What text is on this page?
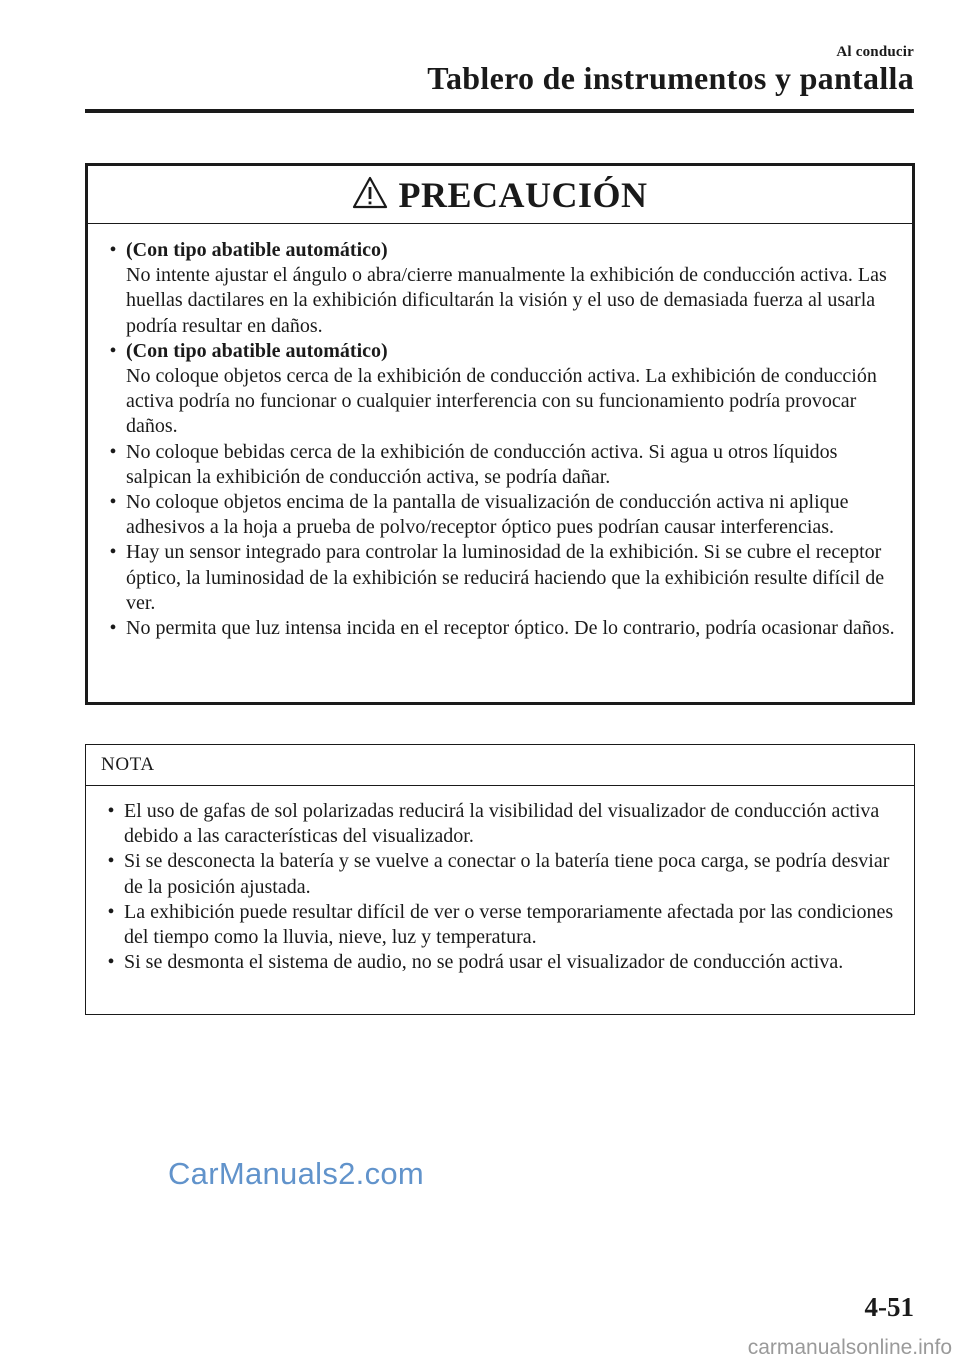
Al conducir
Tablero de instrumentos y pantalla
PRECAUCIÓN
• (Con tipo abatible automático)
No intente ajustar el ángulo o abra/cierre manualmente la exhibición de conducción activa. Las huellas dactilares en la exhibición dificultarán la visión y el uso de demasiada fuerza al usarla podría resultar en daños.
• (Con tipo abatible automático)
No coloque objetos cerca de la exhibición de conducción activa. La exhibición de conducción activa podría no funcionar o cualquier interferencia con su funcionamiento podría provocar daños.
• No coloque bebidas cerca de la exhibición de conducción activa. Si agua u otros líquidos salpican la exhibición de conducción activa, se podría dañar.
• No coloque objetos encima de la pantalla de visualización de conducción activa ni aplique adhesivos a la hoja a prueba de polvo/receptor óptico pues podrían causar interferencias.
• Hay un sensor integrado para controlar la luminosidad de la exhibición. Si se cubre el receptor óptico, la luminosidad de la exhibición se reducirá haciendo que la exhibición resulte difícil de ver.
• No permita que luz intensa incida en el receptor óptico. De lo contrario, podría ocasionar daños.
NOTA
• El uso de gafas de sol polarizadas reducirá la visibilidad del visualizador de conducción activa debido a las características del visualizador.
• Si se desconecta la batería y se vuelve a conectar o la batería tiene poca carga, se podría desviar de la posición ajustada.
• La exhibición puede resultar difícil de ver o verse temporariamente afectada por las condiciones del tiempo como la lluvia, nieve, luz y temperatura.
• Si se desmonta el sistema de audio, no se podrá usar el visualizador de conducción activa.
CarManuals2.com
4-51
carmanualsonline.info
